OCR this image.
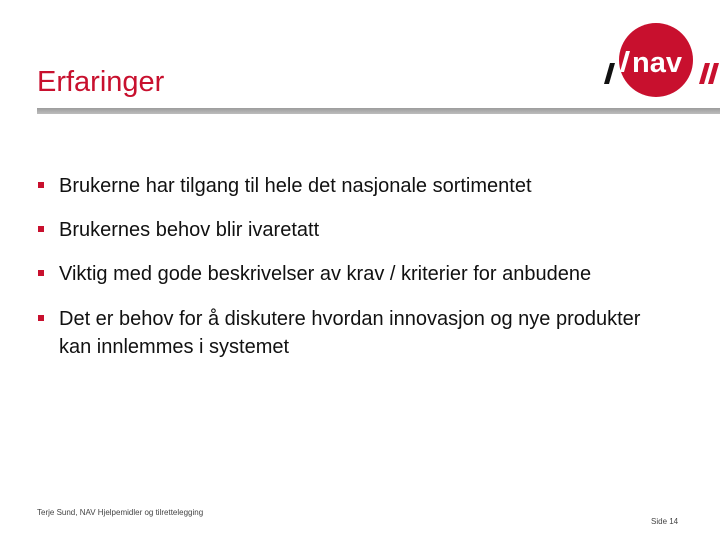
Erfaringer
nav
Brukerne har tilgang til hele det nasjonale sortimentet
Brukernes behov blir ivaretatt
Viktig med gode beskrivelser av krav / kriterier for anbudene
Det er behov for å diskutere hvordan innovasjon og nye produkter kan innlemmes i systemet
Terje Sund, NAV Hjelpemidler og tilrettelegging
Side 14
